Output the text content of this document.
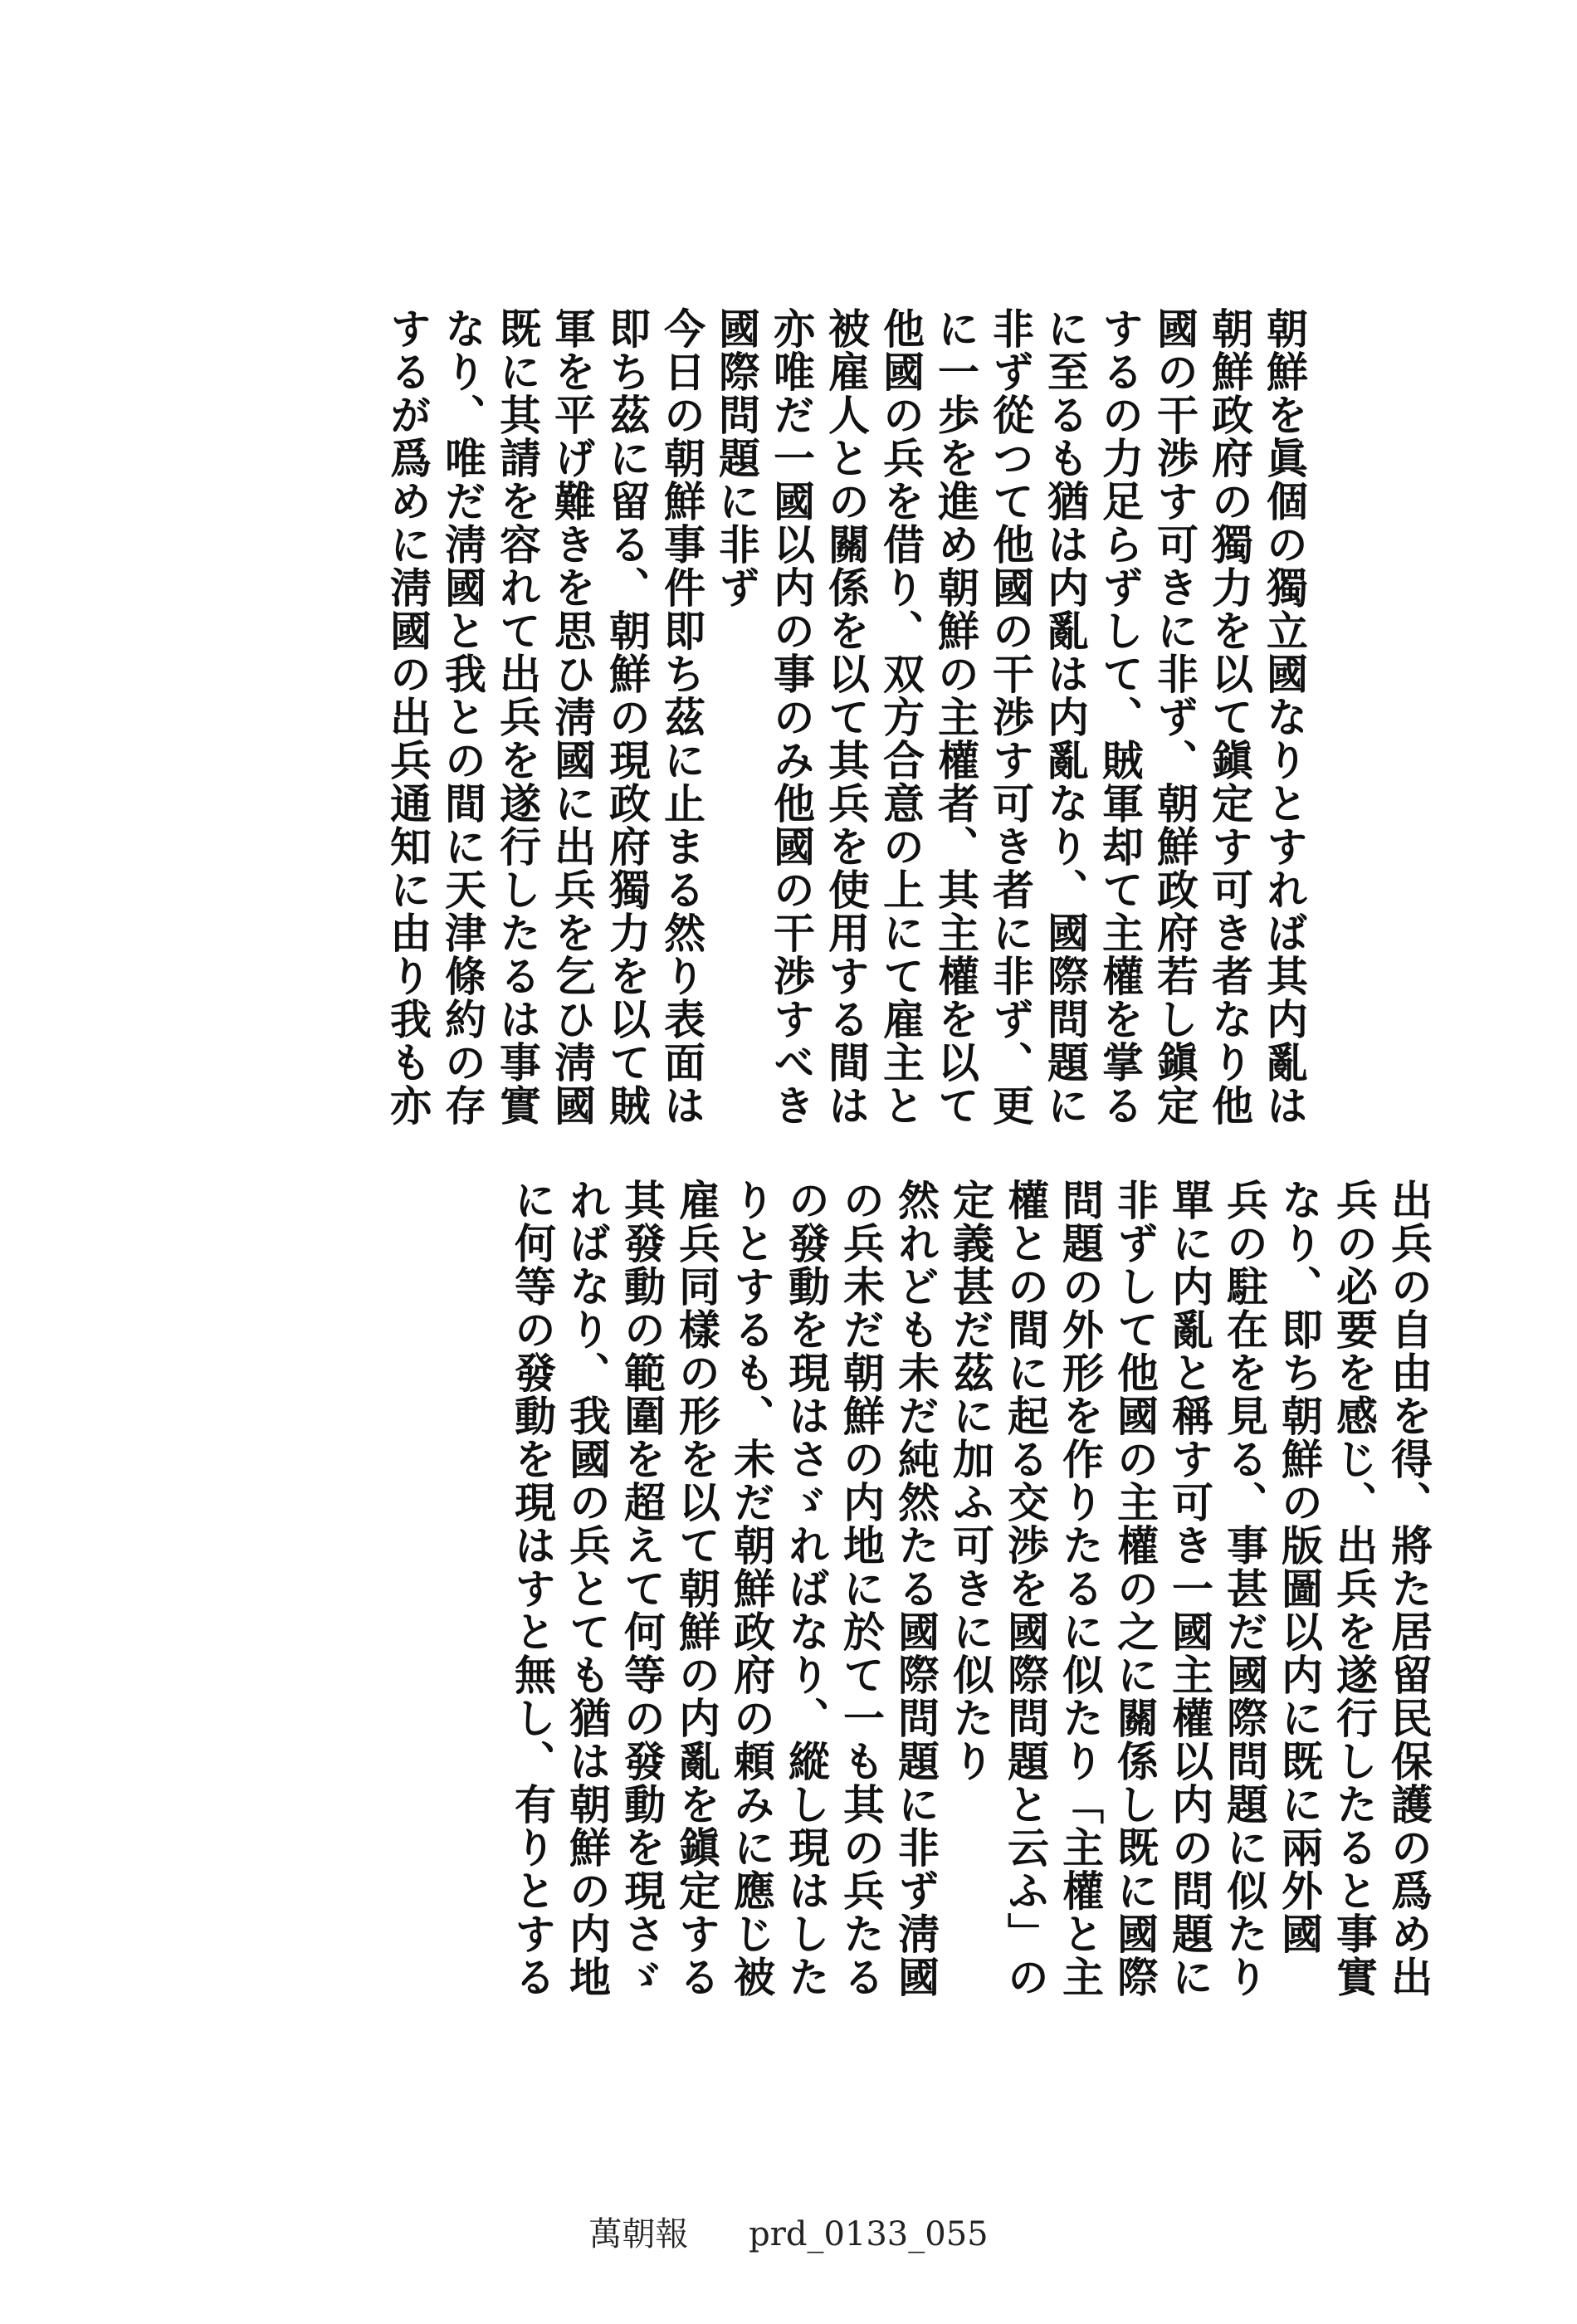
朝鮮を眞個の獨立國なりとすれば其内亂は

朝鮮政府の獨力を以て鎭定す可き者なり他

國の干渉す可きに非ず、朝鮮政府若し鎭定

するの力足らずして、賊軍却て主權を掌る

に至るも猶は内亂は内亂なり、國際問題に

非ず從つて他國の干渉す可き者に非ず、更

に一歩を進め朝鮮の主權者、其主權を以て

他國の兵を借り、双方合意の上にて雇主と

被雇人との關係を以て其兵を使用する間は

亦唯だ一國以内の事のみ他國の干渉すべき

國際問題に非ず

今日の朝鮮事件即ち茲に止まる然り表面は

即ち茲に留る、朝鮮の現政府獨力を以て賊

軍を平げ難きを思ひ淸國に出兵を乞ひ淸國

既に其請を容れて出兵を遂行したるは事實

なり、唯だ淸國と我との間に天津條約の存

するが爲めに淸國の出兵通知に由り我も亦

出兵の自由を得、將た居留民保護の爲め出

兵の必要を感じ、出兵を遂行したると事實

なり、即ち朝鮮の版圖以内に既に兩外國

兵の駐在を見る、事甚だ國際問題に似たり

單に内亂と稱す可き一國主權以内の問題に

非ずして他國の主權の之に關係し既に國際

問題の外形を作りたるに似たり「主權と主

權との間に起る交渉を國際問題と云ふ」の

定義甚だ茲に加ふ可きに似たり

然れども未だ純然たる國際問題に非ず淸國

の兵未だ朝鮮の内地に於て一も其の兵たる

の發動を現はさゞればなり、縱し現はした

りとするも、未だ朝鮮政府の頼みに應じ被

雇兵同樣の形を以て朝鮮の内亂を鎭定する

其發動の範圍を超えて何等の發動を現さゞ

ればなり、我國の兵とても猶は朝鮮の内地

に何等の發動を現はすと無し、有りとする

萬朝報 prd_0133_055
